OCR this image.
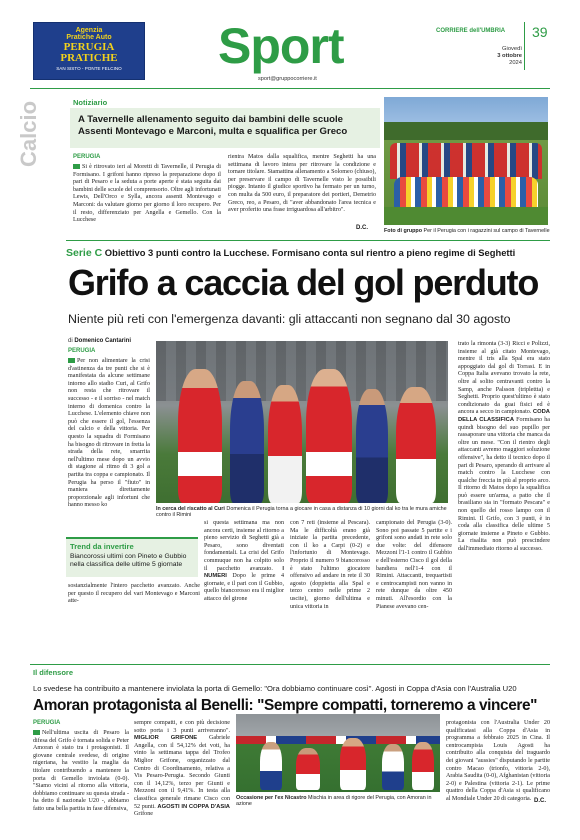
Agenzia
Pratiche Auto
PERUGIA
PRATICHE
SAN SISTO - PONTE FELCINO	Sport
sport@gruppocorriere.it
CORRIERE dell'UMBRIA 39
Giovedì
3 ottobre
2024
Calcio	Notiziario
A Tavernelle allenamento seguito dai bambini delle scuole
Assenti Montevago e Marconi, multa e squalifica per Greco
PERUGIA
Si è ritrovato ieri al Moretti di Tavernelle, il Perugia di Formisano. I grifoni hanno ripreso la preparazione dopo il pari di Pesaro e la seduta a porte aperte è stata seguita dai bambini delle scuole del comprensorio. Oltre agli infortunati Lewis, Dell'Orco e Sylla, ancora assenti Montevago e Marconi: da valutare giorno per giorno il loro recupero. Per il resto, differenziato per Angella e Gemello. Con la Lucchese
rientra Matos dalla squalifica, mentre Seghetti ha una settimana di lavoro intera per ritrovare la condizione e tornare titolare. Stamattina allenamento a Solomeo (chiuso), per preservare il campo di Tavernelle visto le possibili piogge. Intanto il giudice sportivo ha fermato per un turno, con multa da 500 euro, il preparatore dei portieri, Demetrio Greco, reo, a Pesaro, di "aver abbandonato l'area tecnica e aver proferito una frase irriguardosa all'arbitro".
D.C.	Foto di gruppo Per il Perugia con i ragazzini sul campo di Tavernelle
Serie C Obiettivo 3 punti contro la Lucchese. Formisano conta sul rientro a pieno regime di Seghetti
Grifo a caccia del gol perduto
Niente più reti con l'emergenza davanti: gli attaccanti non segnano dal 30 agosto
di Domenico Cantarini
PERUGIA
Per non alimentare la crisi d'astinenza da tre punti che si è manifestata da alcune settimane intorno allo stadio Curi, al Grifo non resta che ritrovare il successo - e il sorriso - nel match interno di domenica contro la Lucchese. L'elemento chiave non può che essere il gol, l'essenza del calcio e della vittoria. Per questo la squadra di Formisano ha bisogno di ritrovare in fretta la strada della rete, smarrita nell'ultimo mese dopo un avvio di stagione al ritmo di 3 gol a partita tra coppa e campionato. Il Perugia ha perso il "fiuto" in maniera direttamente proporzionale agli infortuni che hanno messo ko
Trend da invertire
Biancorossi ultimi con Pineto e Gubbio nella classifica delle ultime 5 giornate
sostanzialmente l'intero pacchetto avanzato. Anche per questo il recupero del vari Montevago e Marconi atte-
In cerca del riscatto al Curi Domenica il Perugia torna a giocare in casa a distanza di 10 giorni dal ko tra le mura amiche contro il Rimini
si questa settimana ma non ancora certi, insieme al ritorno a pieno servizio di Seghetti già a Pesaro, sono diventati fondamentali. La crisi del Grifo commuque non ha colpito solo il pacchetto avanzato. I NUMERI Dopo le prime 4 giornate, e il pari con il Gubbio, quello biancorosso era il miglior attacco del girone
con 7 reti (insieme al Pescara). Ma le difficoltà erano già iniziate la partita precedente, con il ko a Carpi (0-2) e l'infortunio di Montevago. Proprio il numero 9 biancorosso è stato l'ultimo giocatore offensivo ad andare in rete il 30 agosto (doppietta alla Spal e terzo centro nelle prime 2 uscite), giorno dell'ultima e unica vittoria in
campionato del Perugia (3-0). Sono poi passate 5 partite e i grifoni sono andati in rete solo due volte: del difensore Mezzoni l'1-1 contro il Gubbio e dell'esterno Cisco il gol della bandiera nell'1-4 con il Rimini. Attaccanti, trequartisti e centrocampisti non vanno in rete dunque da oltre 450 minuti. All'esordio con la Pianese avevano cen-
trato la rimonta (3-3) Ricci e Polizzi, insieme al già citato Montevago, mentre il tris alla Spal era stato appoggiato dal gol di Torrasi. E in Coppa Italia avevano trovato la rete, oltre al solito centravanti contro la Samp, anche Palsson (triplettta) e Seghetti. Proprio quest'ultimo è stato condizionato da guai fisici ed è ancora a secco in campionato. CODA DELLA CLASSIFICA Formisano ha quindi bisogno del suo pupillo per rassaporare una vittoria che manca da oltre un mese. "Con il rientro degli attaccanti avremo maggiori soluzione offensive", ha detto il tecnico dopo il pari di Pesaro, sperando di arrivare al match contro la Lucchese con qualche freccia in più al proprio arco. Il ritorno di Matos dopo la squalifica può essere un'arma, a patto che il brasiliano sia in "formato Pescara" e non quello del rosso lampo con il Rimini. Il Grifo, con 3 punti, è in coda alla classifica delle ultime 5 giornate insieme a Pineto e Gubbio. La risalita non può prescindere dall'immediato ritorno al successo.
Il difensore
Lo svedese ha contribuito a mantenere inviolata la porta di Gemello: "Ora dobbiamo continuare così". Agosti in Coppa d'Asia con l'Australia U20
Amoran protagonista al Benelli: "Sempre compatti, torneremo a vincere"
PERUGIA
Nell'ultima uscita di Pesaro la difesa del Grifo è tornata solida e Peter Amoran è stato tra i protagonisti. Il giovane centrale svedese, di origine nigeriana, ha vestito la maglia da titolare contribuendo a mantenere la porta di Gemello inviolata (0-0). "Siamo vicini al ritorno alla vittoria, dobbiamo continuare su questa strada - ha detto il nazionale U20 -, abbiamo fatto una bella partita in fase difensiva,
sempre compatti, e con più decisione sotto porta i 3 punti arriveranno". MIGLIOR GRIFONE Gabriele Angella, con il 54,12% dei voti, ha vinto la settimana tappa del Trofeo Miglior Grifone, organizzato dal Centro di Coordinamento, relativa a Vis Pesaro-Perugia. Secondo Giunti con il 14,12%, terzo per Giunti e Mezzoni con il 9,41%. In testa alla classifica generale rimane Cisco con 52 punti. AGOSTI IN COPPA D'ASIA Grifone
Occasione per l'ex Nicastro Mischia in area di rigore del Perugia, con Amoran in azione
protagonista con l'Australia Under 20 qualificatasi alla Coppa d'Asia in programma a febbraio 2025 in Cina. Il centrocampista Louis Agosti ha contribuito alla conquista del traguardo dei giovani "aussies" disputando le partite contro Macao (trionfo, vittoria 2-0), Arabia Saudita (0-0), Afghanistan (vittoria 2-0) e Palestina (vittoria 2-1). Le prime quattro della Coppa d'Asia si qualificano al Mondiale Under 20 di categoria. D.C.
